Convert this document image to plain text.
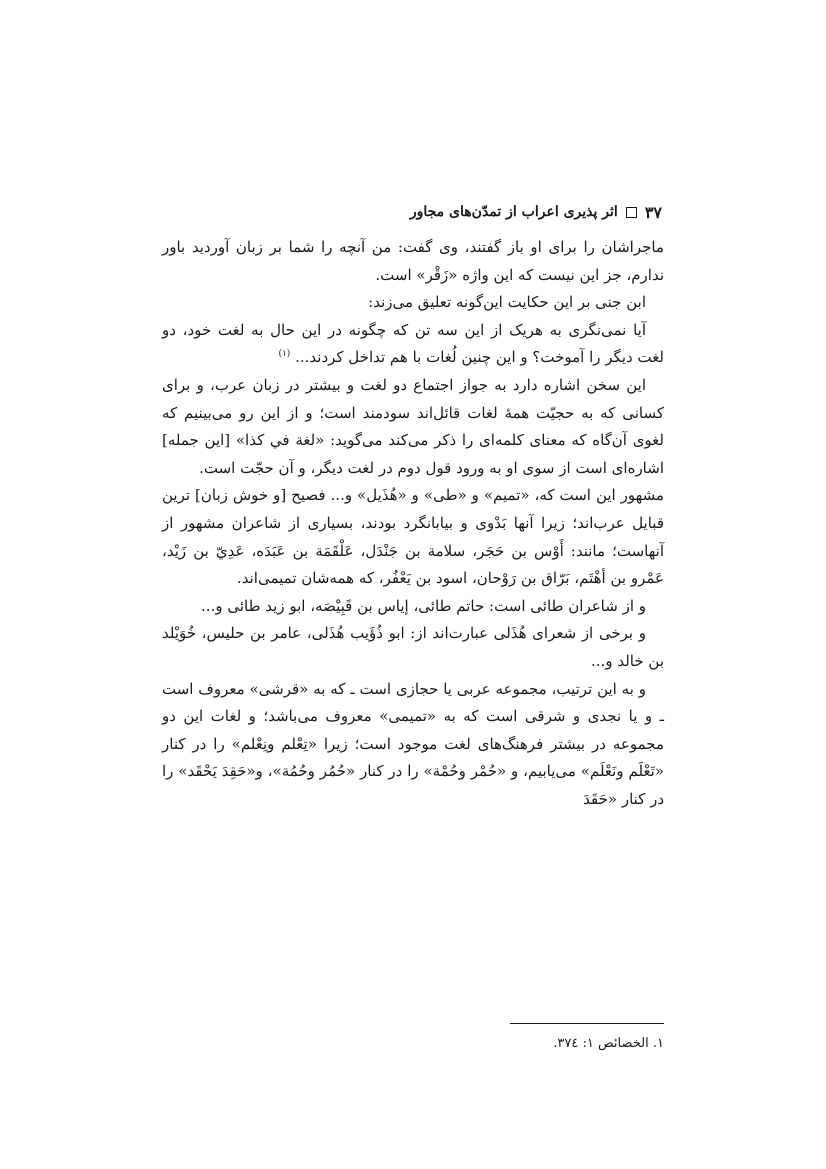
۳۷
اثر پذیری اعراب از تمدّن‌های مجاور

ماجراشان را برای او باز گفتند، وی گفت: من آنچه را شما بر زبان آوردید باور ندارم، جز این نیست که این واژه «زَقْر» است.

ابن جنی بر این حکایت این‌گونه تعلیق می‌زند:

آیا نمی‌نگری به هریک از این سه تن که چگونه در این حال به لغت خود، دو لغت دیگر را آموخت؟ و این چنین لُغات با هم تداخل کردند... $^{(۱)}$

این سخن اشاره دارد به جواز اجتماع دو لغت و بیشتر در زبان عرب، و برای کسانی که به حجیّت همهٔ لغات قائل‌اند سودمند است؛ و از این رو می‌بینیم که لغوی آن‌گاه که معنای کلمه‌ای را ذکر می‌کند می‌گوید: «لغة في كذا» [این جمله] اشاره‌ای است از سوی او به ورود قول دوم در لغت دیگر، و آن حجّت است.

مشهور این است که، «تمیم» و «طی» و «هُذَیل» و... فصیح [و خوش زبان] ترین قبایل عرب‌اند؛ زیرا آنها بَدْوی و بیابانگرد بودند، بسیاری از شاعران مشهور از آنهاست؛ مانند: أَوْس بن حَجَر، سلامة بن جَنْدَل، عَلْقَمَة بن عَبَدَه، عَدِيّ بن زَيْد، عَمْرو بن أهْتَم، بَرّاق بن رَوْحان، اسود بن يَعْفُر، که همه‌شان تمیمی‌اند.

و از شاعران طائی است: حاتم طائی، إياس بن قَبِيْصَه، ابو زید طائی و...

و برخی از شعرای هُذَلی عبارت‌اند از: ابو ذُؤَيب هُذَلی، عامر بن حليس، خُوَيْلد بن خالد و...

و به این ترتیب، مجموعه عربی یا حجازی است ـ که به «قرشی» معروف است ـ و یا نجدی و شرقی است که به «تمیمی» معروف می‌باشد؛ و لغات این دو مجموعه در بیشتر فرهنگ‌های لغت موجود است؛ زیرا «تِعْلم ونِعْلم» را در کنار «تَعْلَم ونَعْلَم» می‌یابیم، و «حُمْر وحُمْة» را در کنار «حُمُر وحُمُة»، و«حَقِدَ يَحْقَد» را در کنار «حَقَدَ

۱. الخصائص ۱: ۳۷٤.
